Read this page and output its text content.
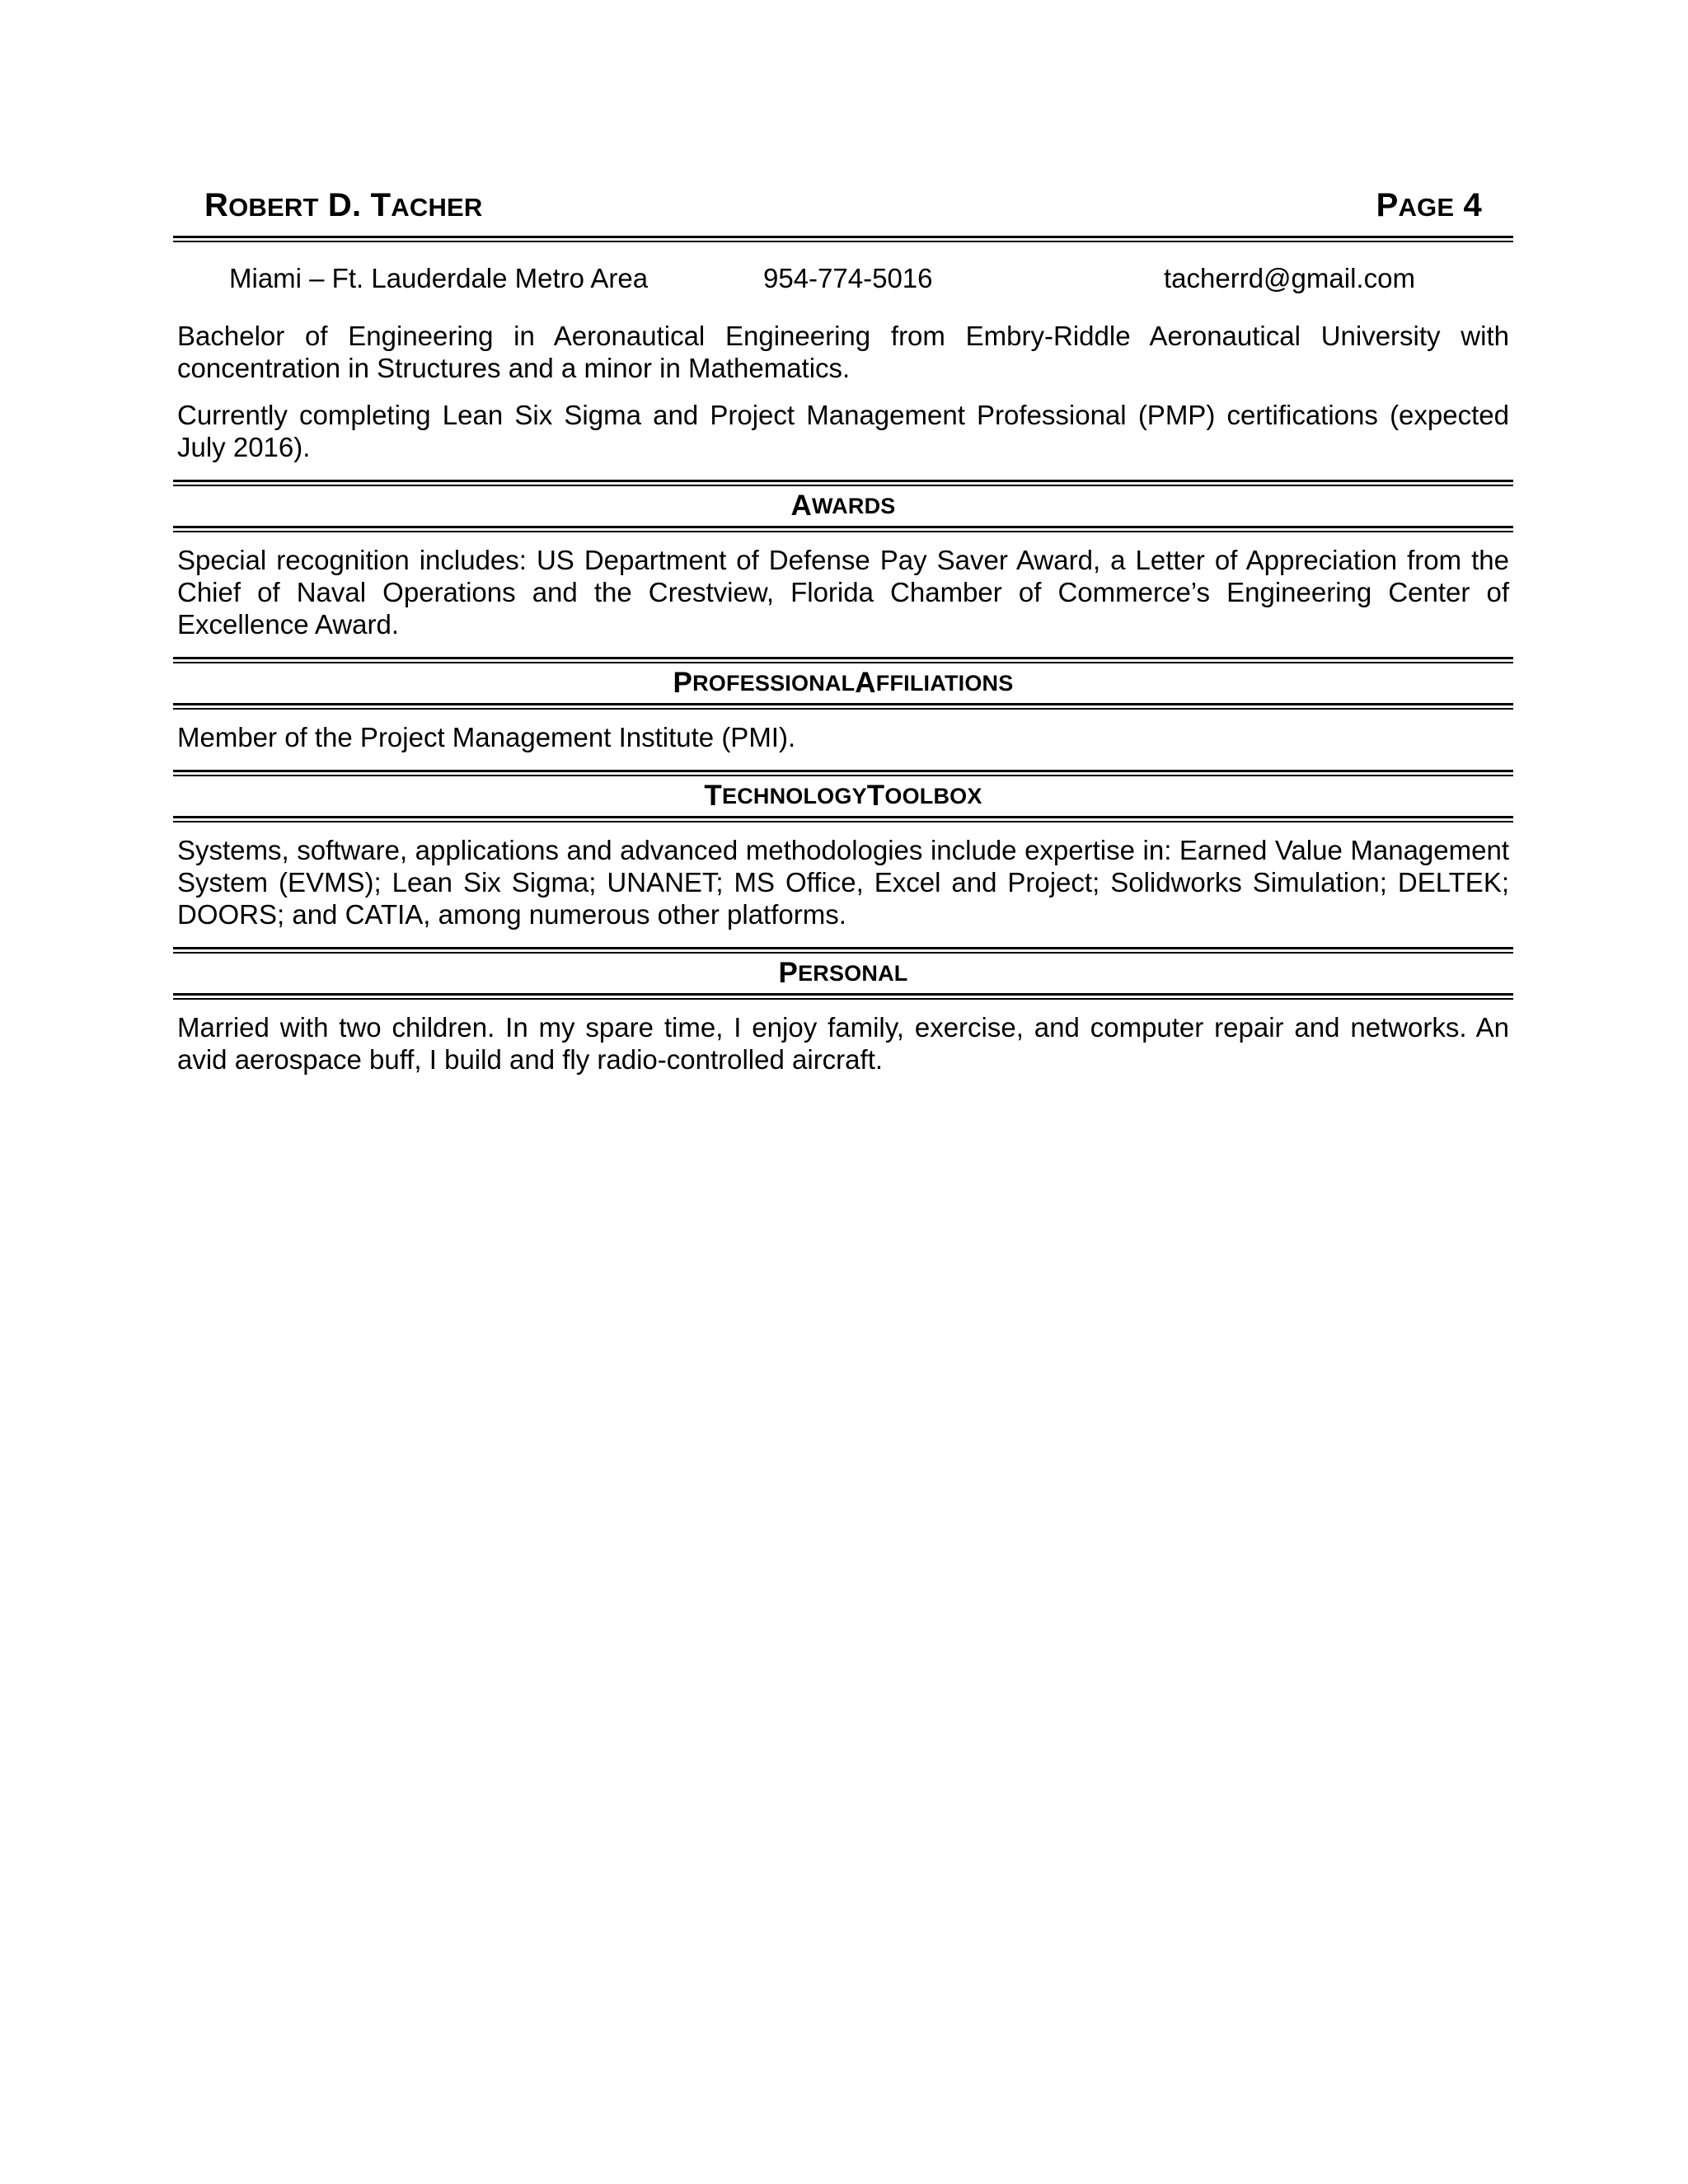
ROBERT D. TACHER	PAGE 4
Miami – Ft. Lauderdale Metro Area	954-774-5016	tacherrd@gmail.com

Bachelor of Engineering in Aeronautical Engineering from Embry-Riddle Aeronautical University with concentration in Structures and a minor in Mathematics.

Currently completing Lean Six Sigma and Project Management Professional (PMP) certifications (expected July 2016).

A WARDS

Special recognition includes: US Department of Defense Pay Saver Award, a Letter of Appreciation from the Chief of Naval Operations and the Crestview, Florida Chamber of Commerce’s Engineering Center of Excellence Award.

P ROFESSIONAL A FFILIATIONS

Member of the Project Management Institute (PMI).

T ECHNOLOGY T OOLBOX

Systems, software, applications and advanced methodologies include expertise in: Earned Value Management System (EVMS); Lean Six Sigma; UNANET; MS Office, Excel and Project; Solidworks Simulation; DELTEK; DOORS; and CATIA, among numerous other platforms.

P ERSONAL

Married with two children. In my spare time, I enjoy family, exercise, and computer repair and networks. An avid aerospace buff, I build and fly radio-controlled aircraft.
